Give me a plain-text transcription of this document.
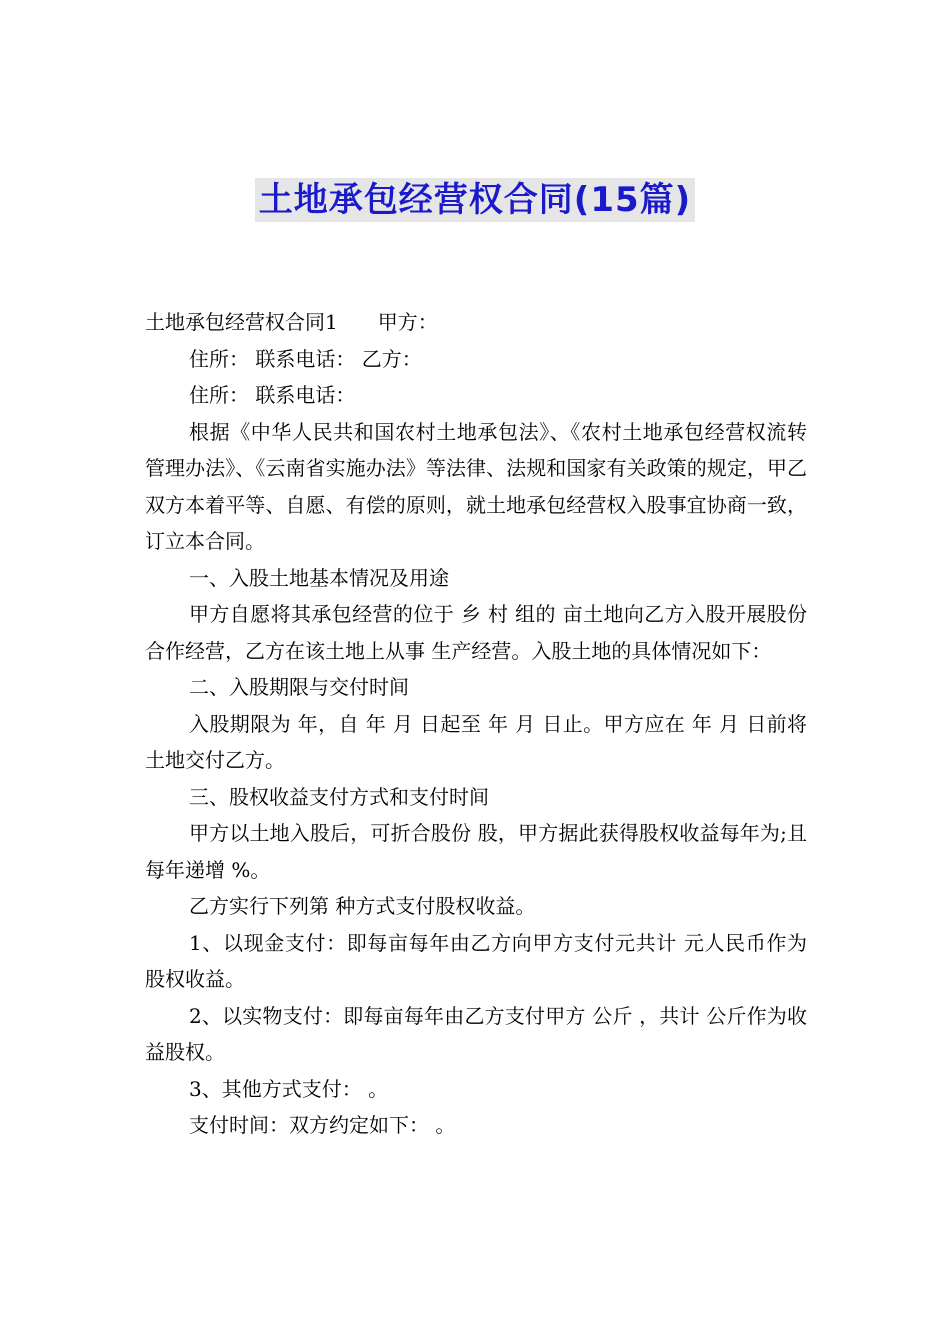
土地承包经营权合同(15篇)

土地承包经营权合同1　　甲方：

住所： 联系电话： 乙方：

住所： 联系电话：

根据《中华人民共和国农村土地承包法》、《农村土地承包经营权流转管理办法》、《云南省实施办法》等法律、法规和国家有关政策的规定，甲乙双方本着平等、自愿、有偿的原则，就土地承包经营权入股事宜协商一致，订立本合同。

一、入股土地基本情况及用途

甲方自愿将其承包经营的位于 乡 村 组的 亩土地向乙方入股开展股份合作经营，乙方在该土地上从事 生产经营。入股土地的具体情况如下：

二、入股期限与交付时间

入股期限为 年，自 年 月 日起至 年 月 日止。甲方应在 年 月 日前将土地交付乙方。

三、股权收益支付方式和支付时间

甲方以土地入股后，可折合股份 股，甲方据此获得股权收益每年为;且每年递增 %。

乙方实行下列第 种方式支付股权收益。

1、以现金支付：即每亩每年由乙方向甲方支付元共计 元人民币作为股权收益。

2、以实物支付：即每亩每年由乙方支付甲方 公斤 ，共计 公斤作为收益股权。

3、其他方式支付： 。

支付时间：双方约定如下： 。
